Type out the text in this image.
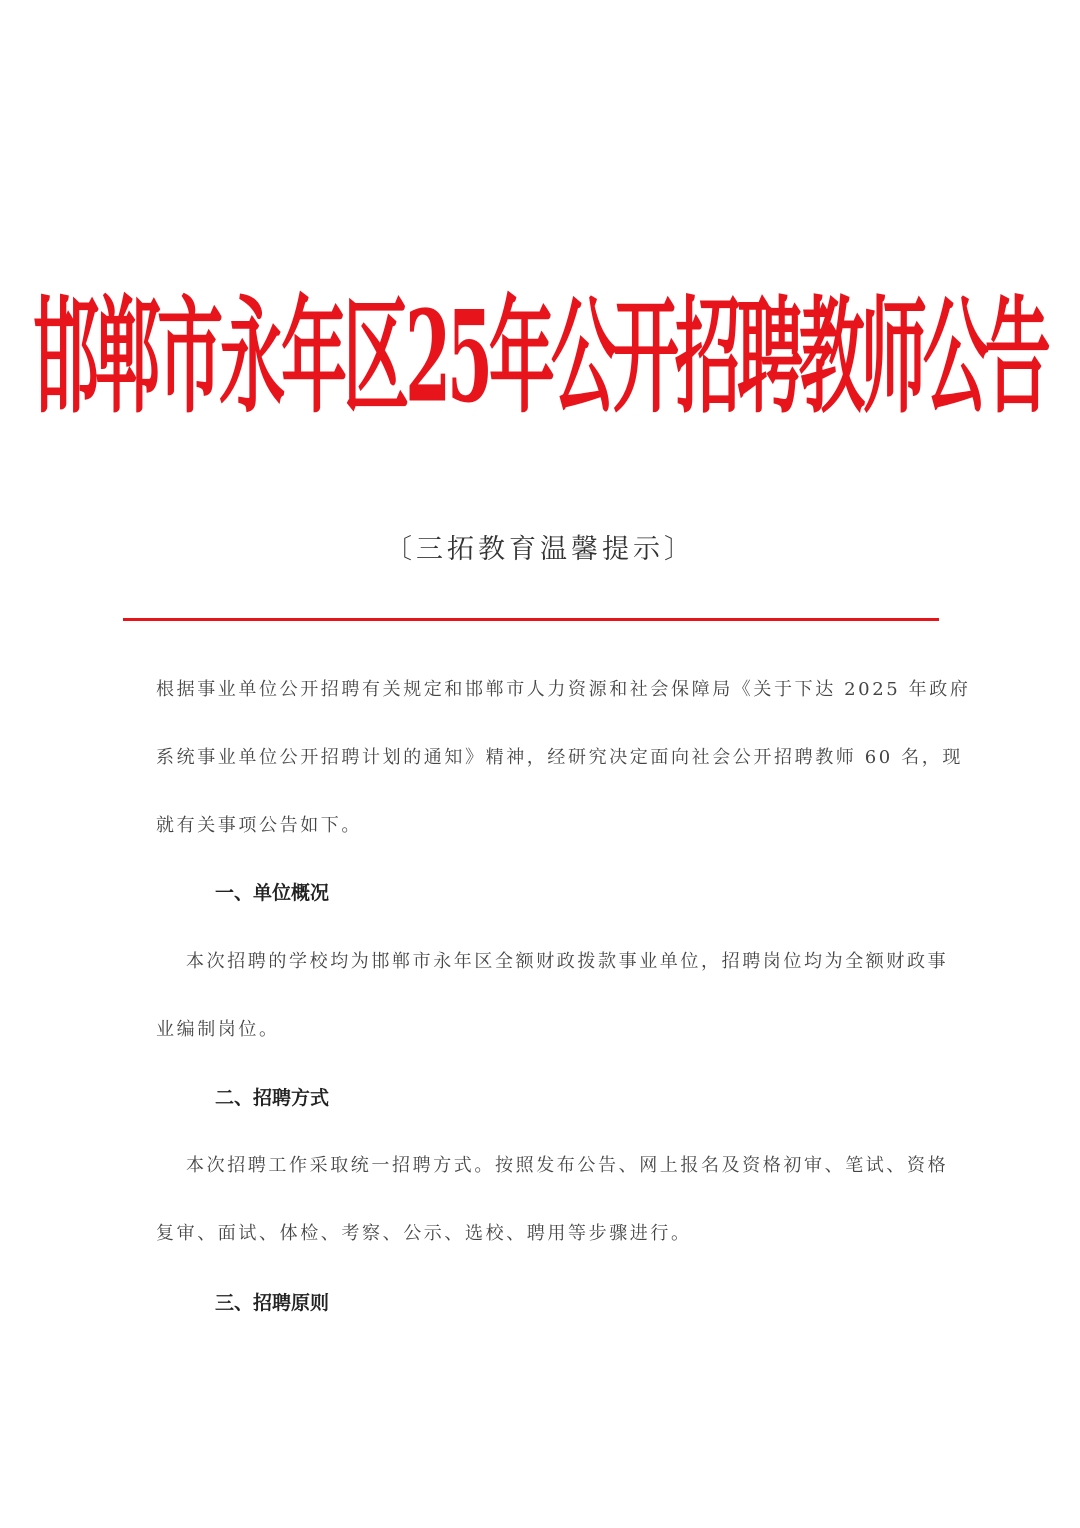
邯郸市永年区25年公开招聘教师公告
〔三拓教育温馨提示〕
根据事业单位公开招聘有关规定和邯郸市人力资源和社会保障局《关于下达 2025 年政府
系统事业单位公开招聘计划的通知》精神，经研究决定面向社会公开招聘教师 60 名，现
就有关事项公告如下。
一、单位概况
本次招聘的学校均为邯郸市永年区全额财政拨款事业单位，招聘岗位均为全额财政事
业编制岗位。
二、招聘方式
本次招聘工作采取统一招聘方式。按照发布公告、网上报名及资格初审、笔试、资格
复审、面试、体检、考察、公示、选校、聘用等步骤进行。
三、招聘原则
